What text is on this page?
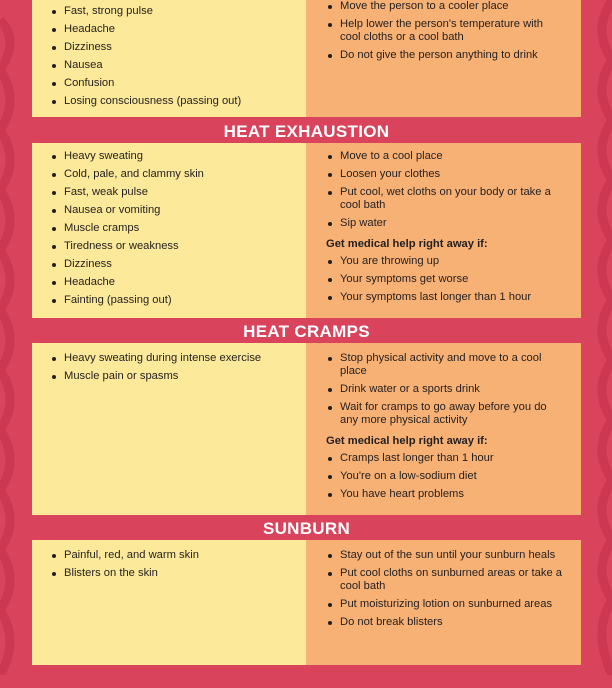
Fast, strong pulse
Headache
Dizziness
Nausea
Confusion
Losing consciousness (passing out)
Move the person to a cooler place
Help lower the person's temperature with cool cloths or a cool bath
Do not give the person anything to drink
HEAT EXHAUSTION
Heavy sweating
Cold, pale, and clammy skin
Fast, weak pulse
Nausea or vomiting
Muscle cramps
Tiredness or weakness
Dizziness
Headache
Fainting (passing out)
Move to a cool place
Loosen your clothes
Put cool, wet cloths on your body or take a cool bath
Sip water
Get medical help right away if:
You are throwing up
Your symptoms get worse
Your symptoms last longer than 1 hour
HEAT CRAMPS
Heavy sweating during intense exercise
Muscle pain or spasms
Stop physical activity and move to a cool place
Drink water or a sports drink
Wait for cramps to go away before you do any more physical activity
Get medical help right away if:
Cramps last longer than 1 hour
You're on a low-sodium diet
You have heart problems
SUNBURN
Painful, red, and warm skin
Blisters on the skin
Stay out of the sun until your sunburn heals
Put cool cloths on sunburned areas or take a cool bath
Put moisturizing lotion on sunburned areas
Do not break blisters
